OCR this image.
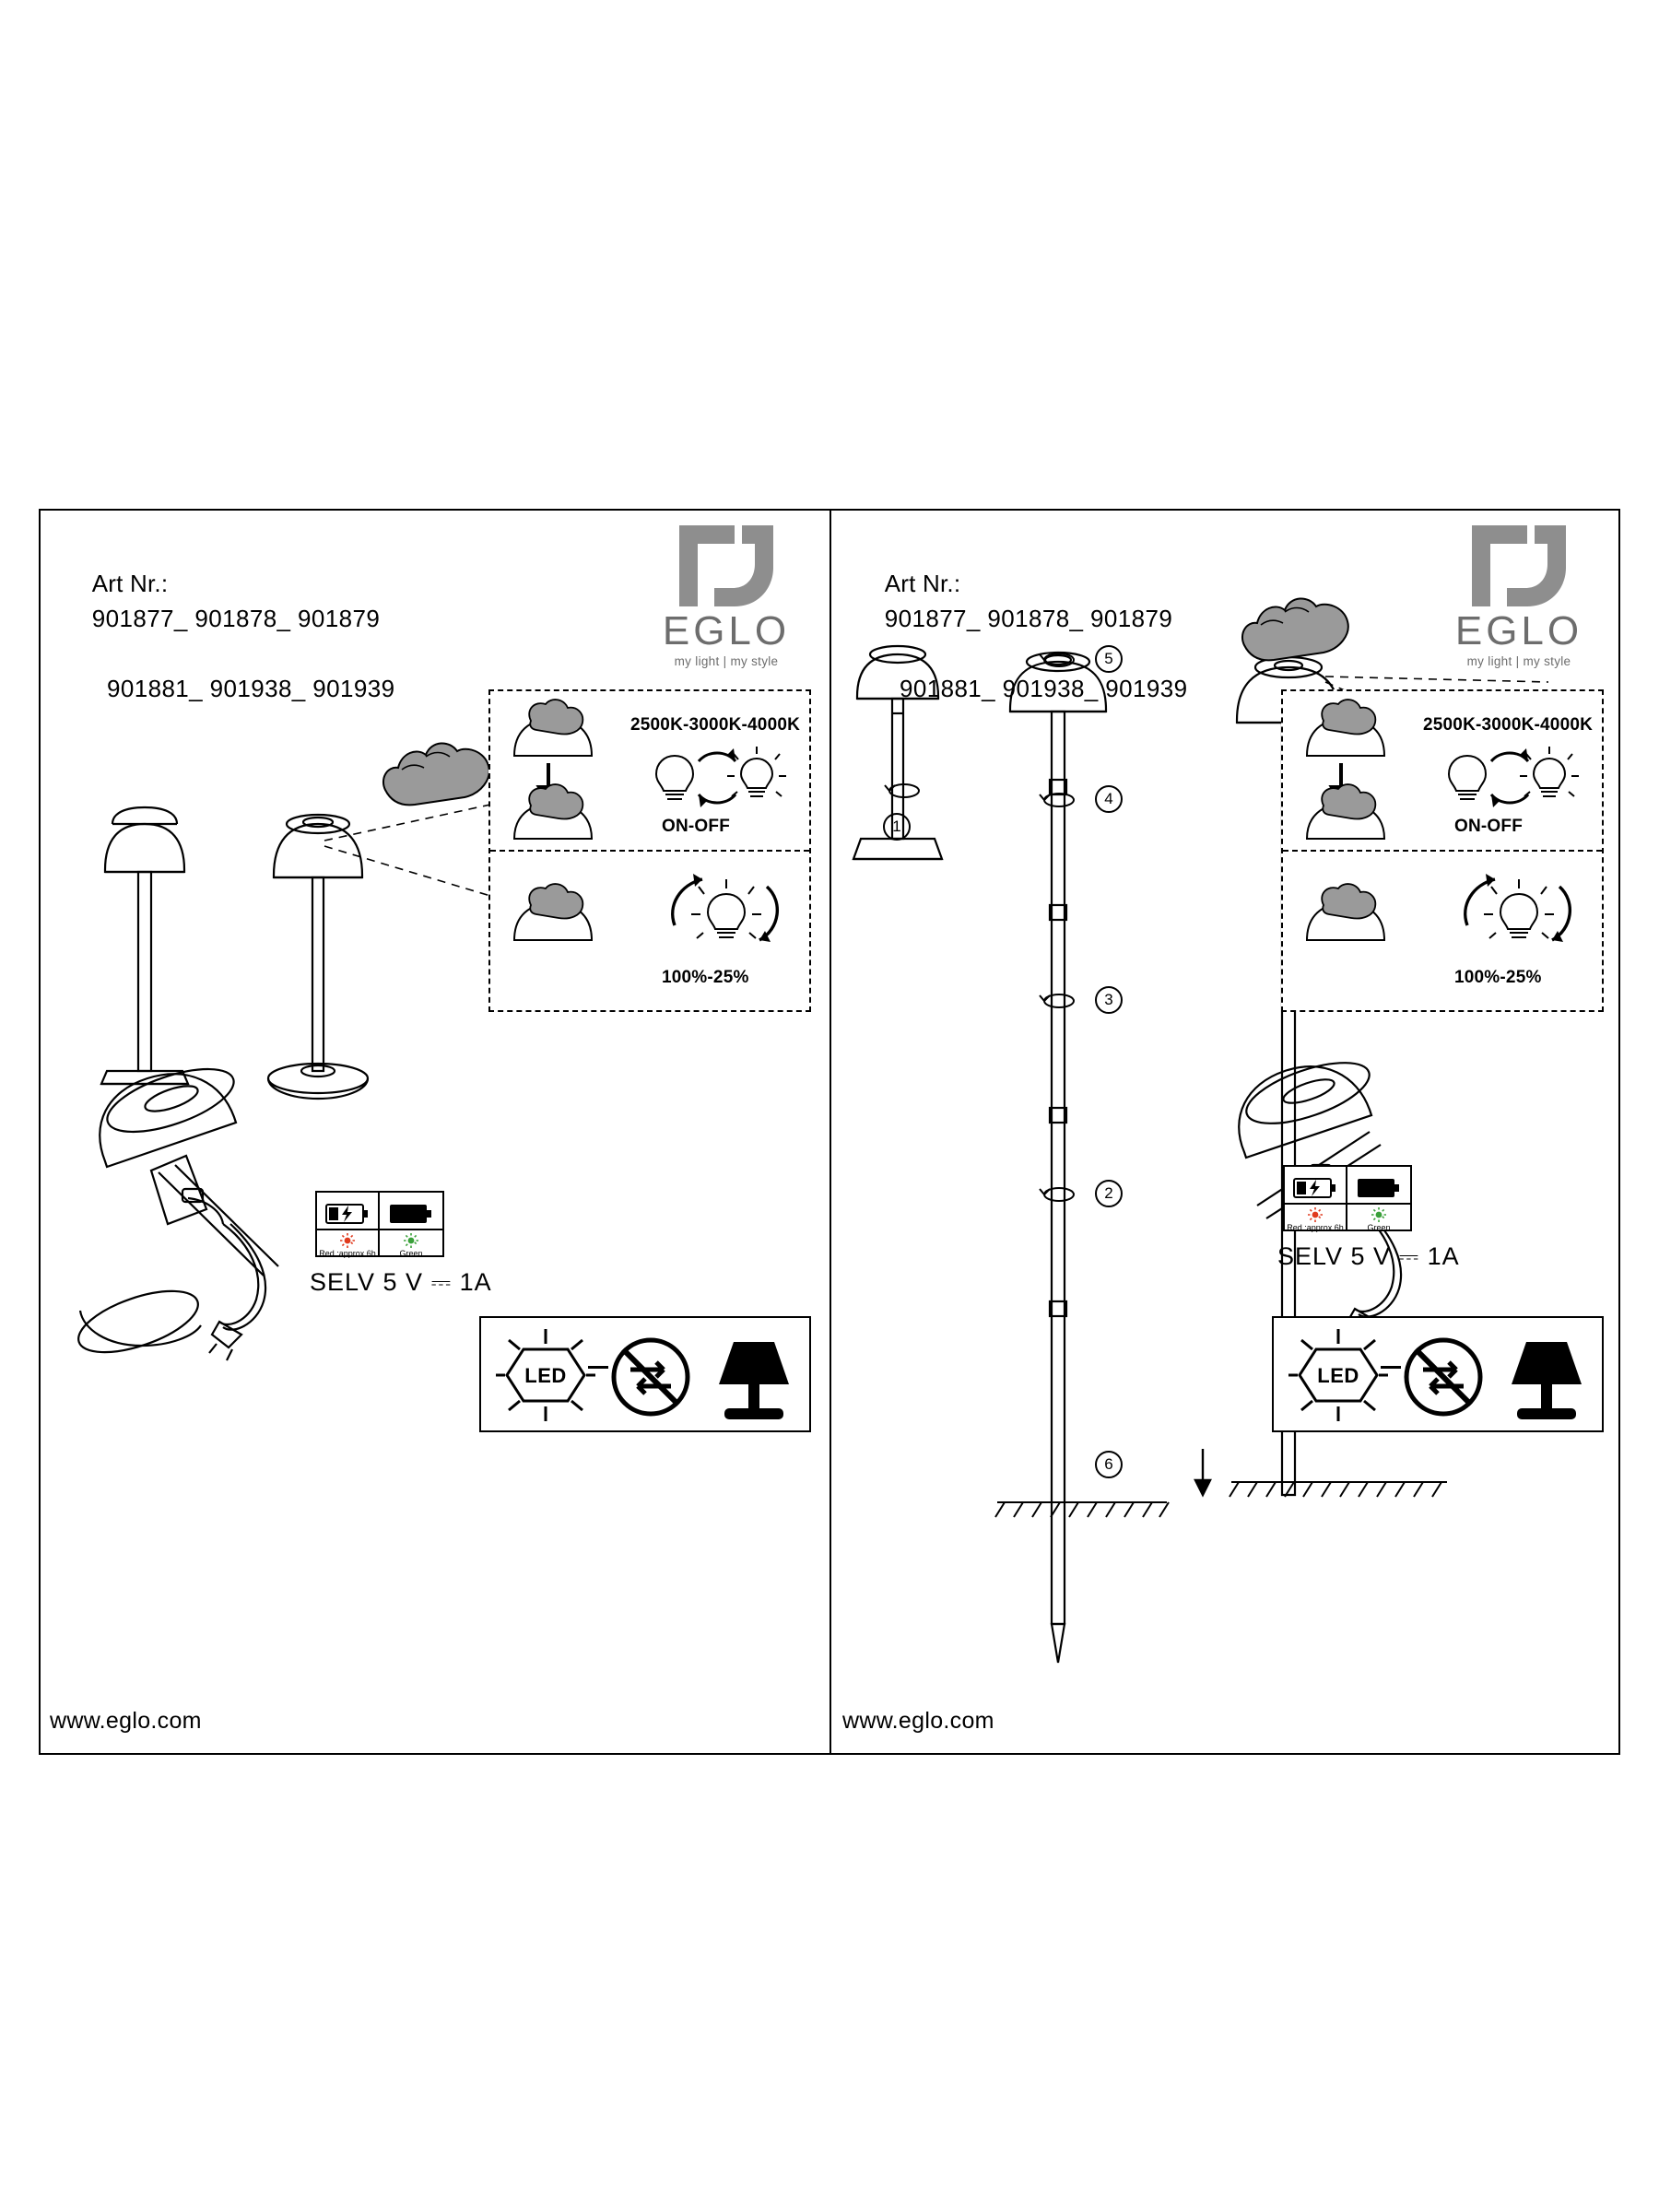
Art Nr.:
901877_ 901878_ 901879

901881_ 901938_ 901939

EGLO
my light | my style
2500K-3000K-4000K
ON-OFF
100%-25%
Red :approx.6h	Green
SELV 5 V ⎓ 1A
LED
www.eglo.com

Art Nr.:
901877_ 901878_ 901879

901881_ 901938_ 901939

EGLO
my light | my style
1
5
4
3
2
6
2500K-3000K-4000K
ON-OFF
100%-25%
Red :approx.6h	Green
SELV 5 V ⎓ 1A
LED
www.eglo.com
